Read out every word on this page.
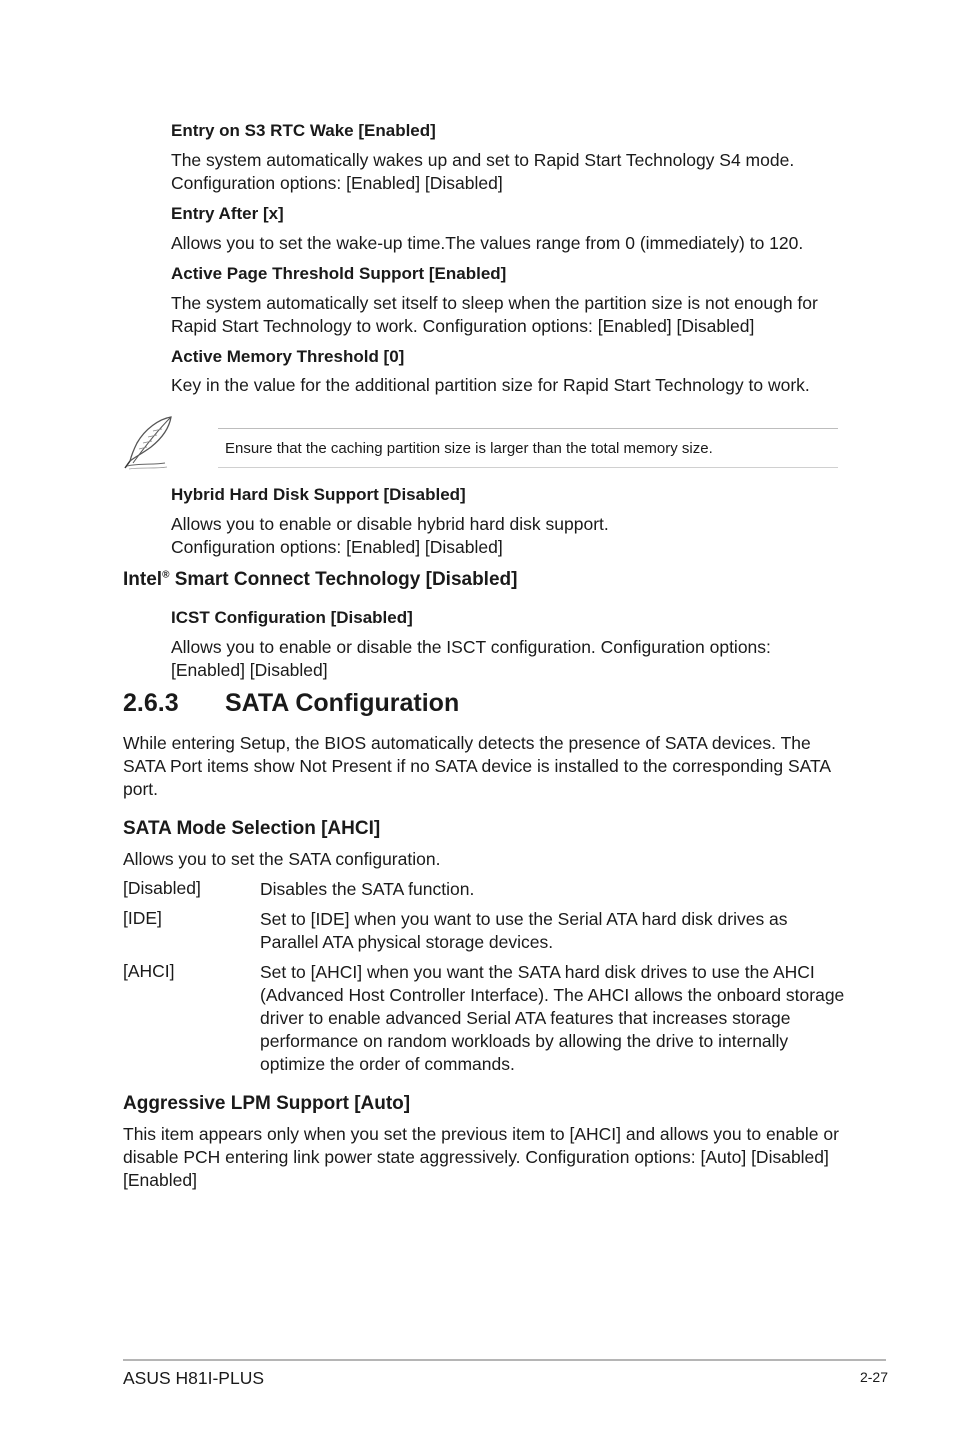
Entry on S3 RTC Wake [Enabled]

The system automatically wakes up and set to Rapid Start Technology S4 mode.

Configuration options: [Enabled] [Disabled]

Entry After [x]

Allows you to set the wake-up time.The values range from 0 (immediately) to 120.

Active Page Threshold Support [Enabled]

The system automatically set itself to sleep when the partition size is not enough for

Rapid Start Technology to work. Configuration options: [Enabled] [Disabled]

Active Memory Threshold [0]

Key in the value for the additional partition size for Rapid Start Technology to work.

Ensure that the caching partition size is larger than the total memory size.

Hybrid Hard Disk Support [Disabled]

Allows you to enable or disable hybrid hard disk support.

Configuration options: [Enabled] [Disabled]

Intel® Smart Connect Technology [Disabled]

ICST Configuration [Disabled]

Allows you to enable or disable the ISCT configuration. Configuration options:

[Enabled] [Disabled]

2.6.3 SATA Configuration

While entering Setup, the BIOS automatically detects the presence of SATA devices. The

SATA Port items show Not Present if no SATA device is installed to the corresponding SATA

port.

SATA Mode Selection [AHCI]

Allows you to set the SATA configuration.

[Disabled]	Disables the SATA function.

[IDE]	Set to [IDE] when you want to use the Serial ATA hard disk drives as

Parallel ATA physical storage devices.

[AHCI]	Set to [AHCI] when you want the SATA hard disk drives to use the AHCI

(Advanced Host Controller Interface). The AHCI allows the onboard storage

driver to enable advanced Serial ATA features that increases storage

performance on random workloads by allowing the drive to internally

optimize the order of commands.

Aggressive LPM Support [Auto]

This item appears only when you set the previous item to [AHCI] and allows you to enable or

disable PCH entering link power state aggressively. Configuration options: [Auto] [Disabled]

[Enabled]

ASUS H81I-PLUS	2-27
